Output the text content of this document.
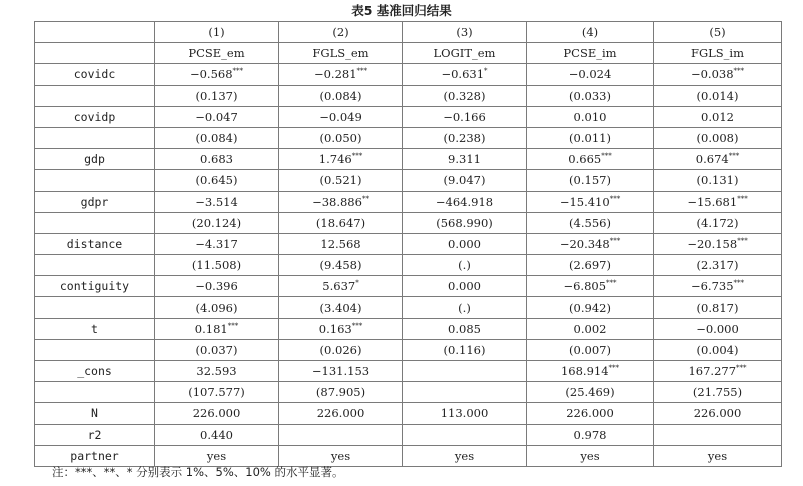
表5 基准回归结果
	(1)	(2)	(3)	(4)	(5)
	PCSE_em	FGLS_em	LOGIT_em	PCSE_im	FGLS_im
covidc	−0.568***	−0.281***	−0.631*	−0.024	−0.038***
	(0.137)	(0.084)	(0.328)	(0.033)	(0.014)
covidp	−0.047	−0.049	−0.166	0.010	0.012
	(0.084)	(0.050)	(0.238)	(0.011)	(0.008)
gdp	0.683	1.746***	9.311	0.665***	0.674***
	(0.645)	(0.521)	(9.047)	(0.157)	(0.131)
gdpr	−3.514	−38.886**	−464.918	−15.410***	−15.681***
	(20.124)	(18.647)	(568.990)	(4.556)	(4.172)
distance	−4.317	12.568	0.000	−20.348***	−20.158***
	(11.508)	(9.458)	(.)	(2.697)	(2.317)
contiguity	−0.396	5.637*	0.000	−6.805***	−6.735***
	(4.096)	(3.404)	(.)	(0.942)	(0.817)
t	0.181***	0.163***	0.085	0.002	−0.000
	(0.037)	(0.026)	(0.116)	(0.007)	(0.004)
_cons	32.593	−131.153		168.914***	167.277***
	(107.577)	(87.905)		(25.469)	(21.755)
N	226.000	226.000	113.000	226.000	226.000
r2	0.440			0.978	
partner	yes	yes	yes	yes	yes
注：***、**、* 分别表示 1%、5%、10% 的水平显著。
